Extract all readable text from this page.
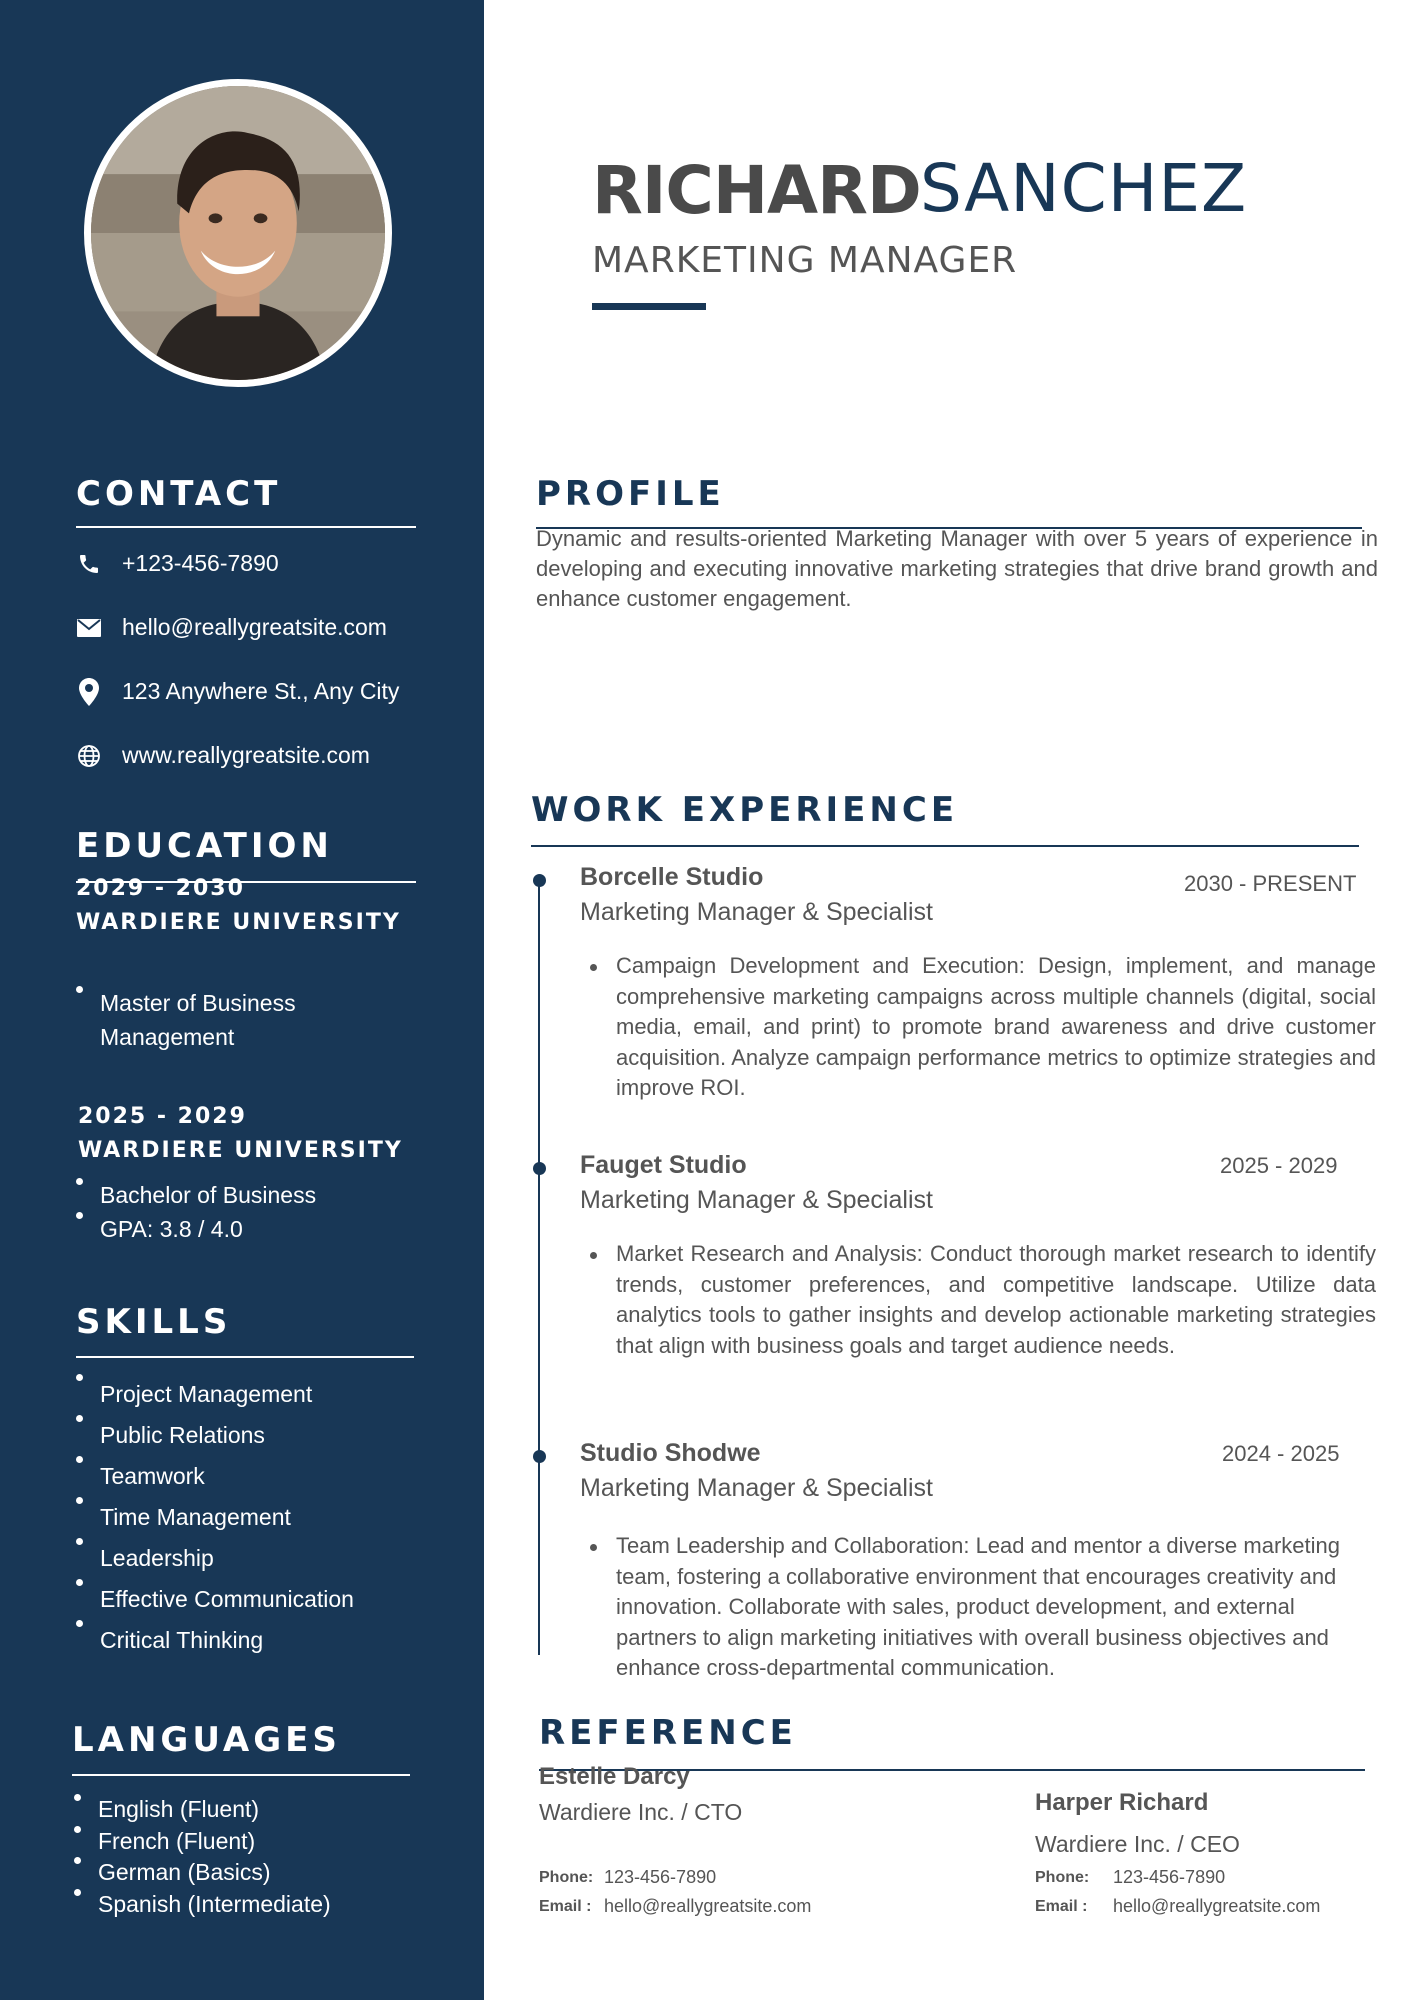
CONTACT
+123-456-7890
hello@reallygreatsite.com
123 Anywhere St., Any City
www.reallygreatsite.com
EDUCATION
2029 - 2030
WARDIERE UNIVERSITY
Master of Business Management
2025 - 2029
WARDIERE UNIVERSITY
Bachelor of Business
GPA: 3.8 / 4.0
SKILLS
Project Management
Public Relations
Teamwork
Time Management
Leadership
Effective Communication
Critical Thinking
LANGUAGES
English (Fluent)
French (Fluent)
German (Basics)
Spanish (Intermediate)
RICHARD SANCHEZ
MARKETING MANAGER
PROFILE
Dynamic and results-oriented Marketing Manager with over 5 years of experience in developing and executing innovative marketing strategies that drive brand growth and enhance customer engagement.
WORK EXPERIENCE
Borcelle Studio	2030 - PRESENT
Marketing Manager & Specialist
Campaign Development and Execution: Design, implement, and manage comprehensive marketing campaigns across multiple channels (digital, social media, email, and print) to promote brand awareness and drive customer acquisition. Analyze campaign performance metrics to optimize strategies and improve ROI.
Fauget Studio	2025 - 2029
Marketing Manager & Specialist
Market Research and Analysis: Conduct thorough market research to identify trends, customer preferences, and competitive landscape. Utilize data analytics tools to gather insights and develop actionable marketing strategies that align with business goals and target audience needs.
Studio Shodwe	2024 - 2025
Marketing Manager & Specialist
Team Leadership and Collaboration: Lead and mentor a diverse marketing team, fostering a collaborative environment that encourages creativity and innovation. Collaborate with sales, product development, and external partners to align marketing initiatives with overall business objectives and enhance cross-departmental communication.
REFERENCE
Estelle Darcy
Wardiere Inc. / CTO
Phone: 123-456-7890
Email : hello@reallygreatsite.com
Harper Richard
Wardiere Inc. / CEO
Phone: 123-456-7890
Email : hello@reallygreatsite.com
